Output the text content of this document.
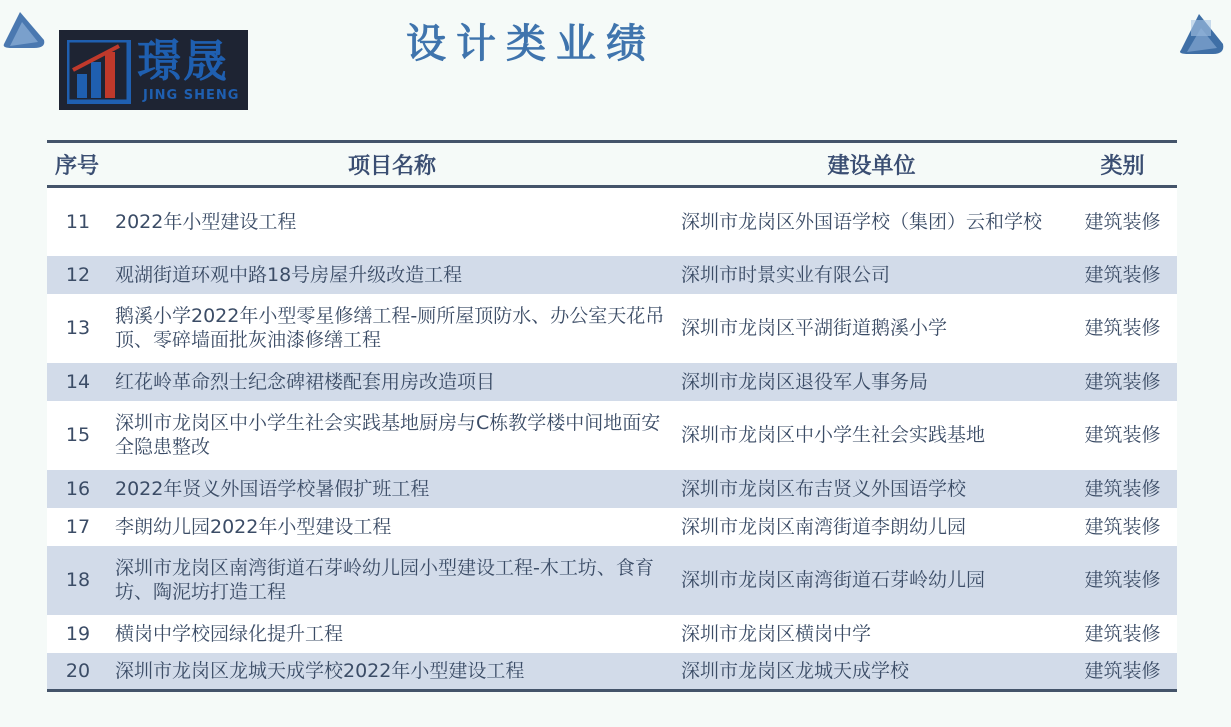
璟晟
JING SHENG
设计类业绩
序号	项目名称	建设单位	类别
11	2022年小型建设工程	深圳市龙岗区外国语学校（集团）云和学校	建筑装修
12	观湖街道环观中路18号房屋升级改造工程	深圳市时景实业有限公司	建筑装修
13	鹅溪小学2022年小型零星修缮工程-厕所屋顶防水、办公室天花吊顶、零碎墙面批灰油漆修缮工程	深圳市龙岗区平湖街道鹅溪小学	建筑装修
14	红花岭革命烈士纪念碑裙楼配套用房改造项目	深圳市龙岗区退役军人事务局	建筑装修
15	深圳市龙岗区中小学生社会实践基地厨房与C栋教学楼中间地面安全隐患整改	深圳市龙岗区中小学生社会实践基地	建筑装修
16	2022年贤义外国语学校暑假扩班工程	深圳市龙岗区布吉贤义外国语学校	建筑装修
17	李朗幼儿园2022年小型建设工程	深圳市龙岗区南湾街道李朗幼儿园	建筑装修
18	深圳市龙岗区南湾街道石芽岭幼儿园小型建设工程-木工坊、食育坊、陶泥坊打造工程	深圳市龙岗区南湾街道石芽岭幼儿园	建筑装修
19	横岗中学校园绿化提升工程	深圳市龙岗区横岗中学	建筑装修
20	深圳市龙岗区龙城天成学校2022年小型建设工程	深圳市龙岗区龙城天成学校	建筑装修
